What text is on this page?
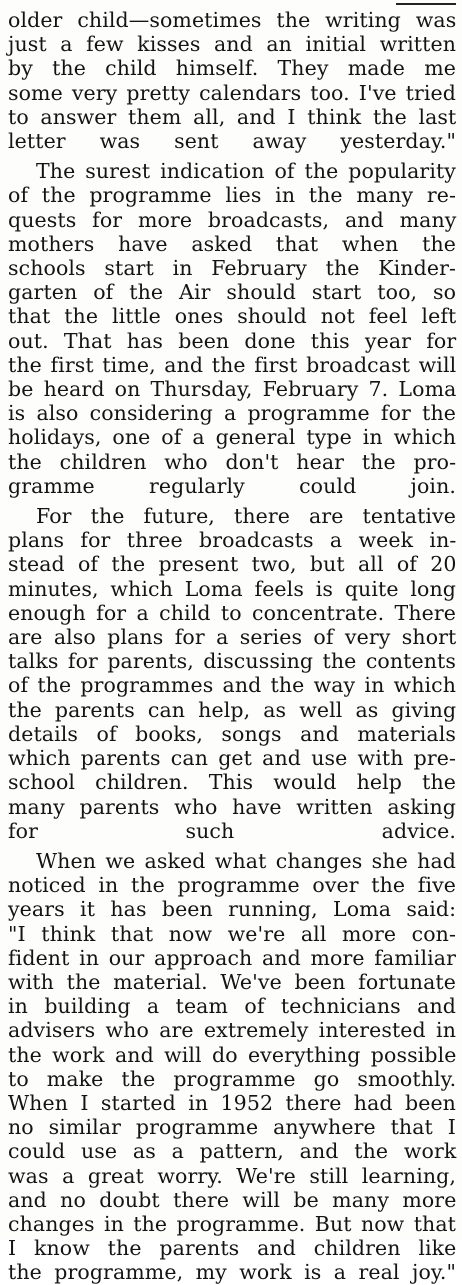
older child—sometimes the writing was
just a few kisses and an initial written
by the child himself. They made me
some very pretty calendars too. I've tried
to answer them all, and I think the last
letter was sent away yesterday."

The surest indication of the popularity
of the programme lies in the many re-
quests for more broadcasts, and many
mothers have asked that when the
schools start in February the Kinder-
garten of the Air should start too, so
that the little ones should not feel left
out. That has been done this year for
the first time, and the first broadcast will
be heard on Thursday, February 7. Loma
is also considering a programme for the
holidays, one of a general type in which
the children who don't hear the pro-
gramme regularly could join.

For the future, there are tentative
plans for three broadcasts a week in-
stead of the present two, but all of 20
minutes, which Loma feels is quite long
enough for a child to concentrate. There
are also plans for a series of very short
talks for parents, discussing the contents
of the programmes and the way in which
the parents can help, as well as giving
details of books, songs and materials
which parents can get and use with pre-
school children. This would help the
many parents who have written asking
for such advice.

When we asked what changes she had
noticed in the programme over the five
years it has been running, Loma said:
"I think that now we're all more con-
fident in our approach and more familiar
with the material. We've been fortunate
in building a team of technicians and
advisers who are extremely interested in
the work and will do everything possible
to make the programme go smoothly.
When I started in 1952 there had been
no similar programme anywhere that I
could use as a pattern, and the work
was a great worry. We're still learning,
and no doubt there will be many more
changes in the programme. But now that
I know the parents and children like
the programme, my work is a real joy."
